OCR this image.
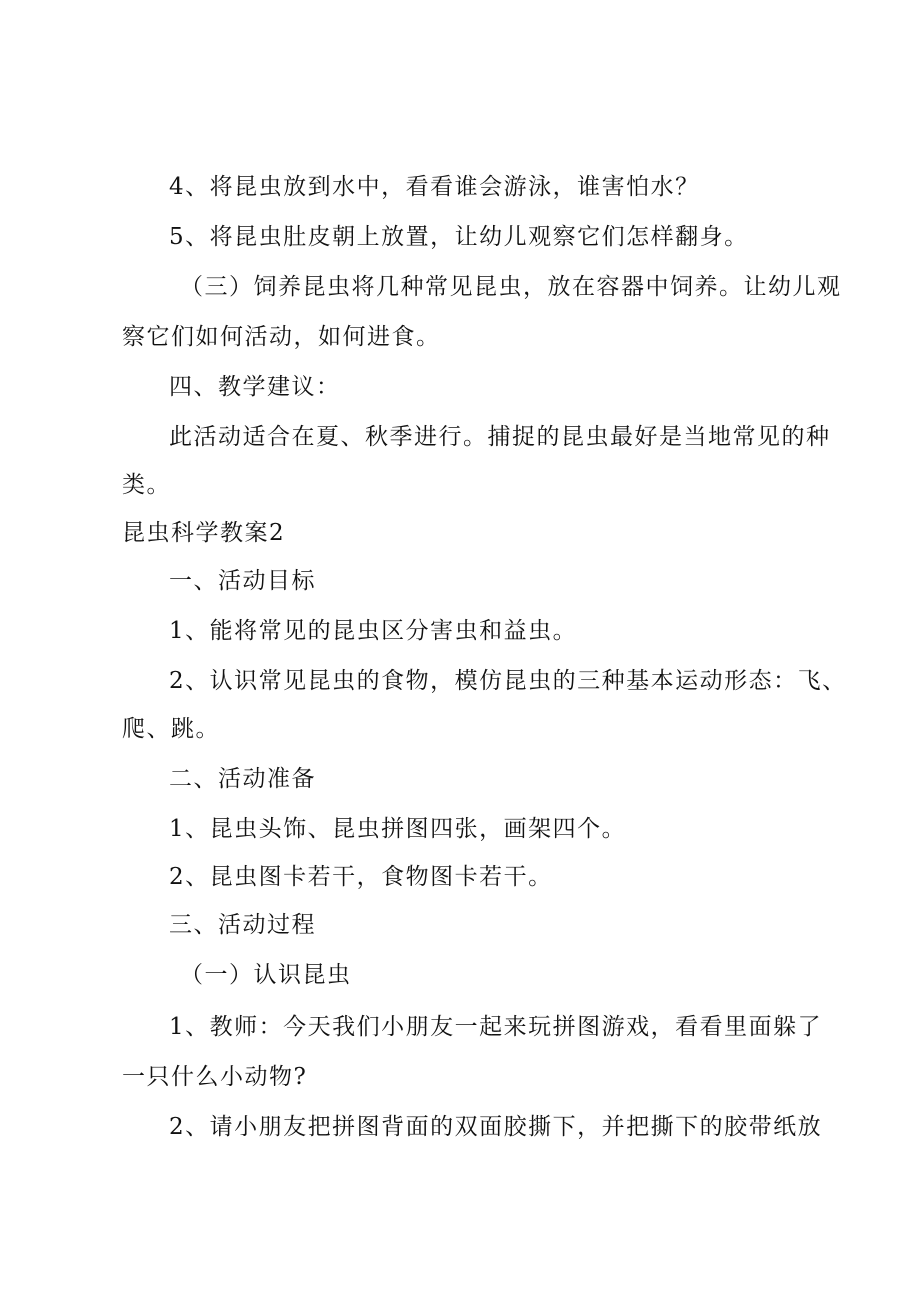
4、将昆虫放到水中，看看谁会游泳，谁害怕水？
5、将昆虫肚皮朝上放置，让幼儿观察它们怎样翻身。
（三）饲养昆虫将几种常见昆虫，放在容器中饲养。让幼儿观
察它们如何活动，如何进食。
四、教学建议：
此活动适合在夏、秋季进行。捕捉的昆虫最好是当地常见的种
类。
昆虫科学教案2
一、活动目标
1、能将常见的昆虫区分害虫和益虫。
2、认识常见昆虫的食物，模仿昆虫的三种基本运动形态：飞、
爬、跳。
二、活动准备
1、昆虫头饰、昆虫拼图四张，画架四个。
2、昆虫图卡若干，食物图卡若干。
三、活动过程
（一）认识昆虫
1、教师：今天我们小朋友一起来玩拼图游戏，看看里面躲了
一只什么小动物?
2、请小朋友把拼图背面的双面胶撕下，并把撕下的胶带纸放
